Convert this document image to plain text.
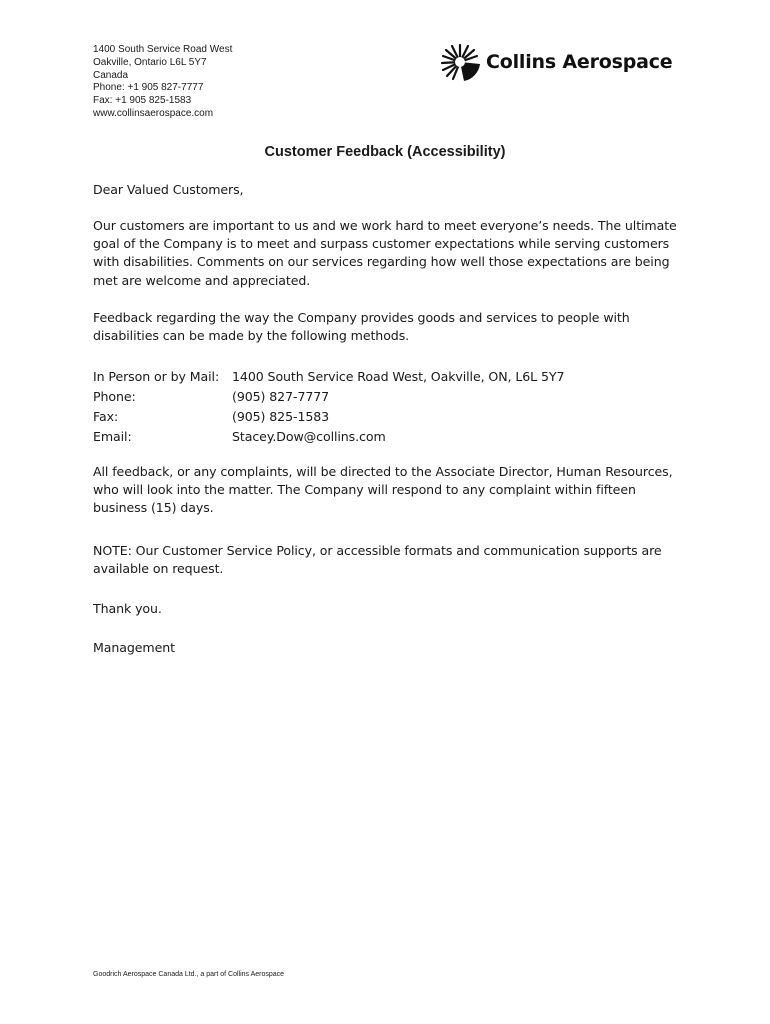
1400 South Service Road West
Oakville, Ontario L6L 5Y7
Canada
Phone: +1 905 827-7777
Fax: +1 905 825-1583
www.collinsaerospace.com
Collins Aerospace
Customer Feedback (Accessibility)
Dear Valued Customers,
Our customers are important to us and we work hard to meet everyone’s needs. The ultimate goal of the Company is to meet and surpass customer expectations while serving customers with disabilities. Comments on our services regarding how well those expectations are being met are welcome and appreciated.
Feedback regarding the way the Company provides goods and services to people with disabilities can be made by the following methods.
In Person or by Mail:	1400 South Service Road West, Oakville, ON, L6L 5Y7
Phone:	(905) 827-7777
Fax:	(905) 825-1583
Email:	Stacey.Dow@collins.com
All feedback, or any complaints, will be directed to the Associate Director, Human Resources, who will look into the matter. The Company will respond to any complaint within fifteen business (15) days.
NOTE: Our Customer Service Policy, or accessible formats and communication supports are available on request.
Thank you.
Management
Goodrich Aerospace Canada Ltd., a part of Collins Aerospace
